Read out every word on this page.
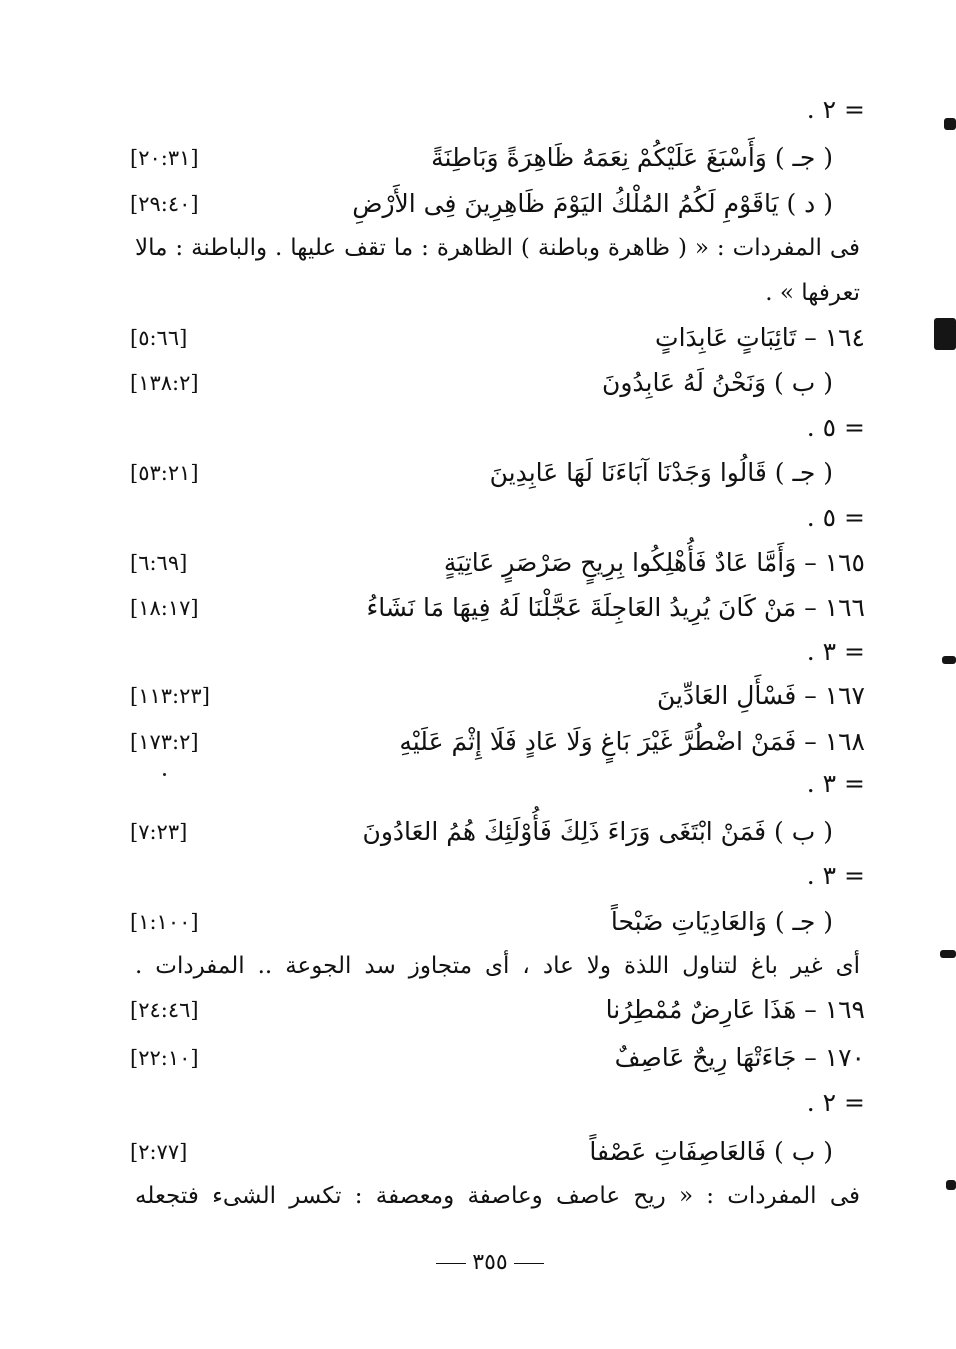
= ٢ .
( جـ ) وَأَسْبَغَ عَلَيْكُمْ نِعَمَهُ ظَاهِرَةً وَبَاطِنَةً
[٢٠:٣١]
( د ) يَاقَوْمِ لَكُمُ المُلْكُ اليَوْمَ ظَاهِرِينَ فِى الأَرْضِ
[٢٩:٤٠]
فى المفردات : « ( ظاهرة وباطنة ) الظاهرة : ما تقف عليها . والباطنة : مالا
تعرفها » .
١٦٤ – تَائِبَاتٍ عَابِدَاتٍ
[٥:٦٦]
( ب ) وَنَحْنُ لَهُ عَابِدُونَ
[١٣٨:٢]
= ٥ .
( جـ ) قَالُوا وَجَدْنَا آبَاءَنَا لَهَا عَابِدِينَ
[٥٣:٢١]
= ٥ .
١٦٥ – وَأَمَّا عَادٌ فَأُهْلِكُوا بِرِيحٍ صَرْصَرٍ عَاتِيَةٍ
[٦:٦٩]
١٦٦ – مَنْ كَانَ يُرِيدُ العَاجِلَةَ عَجَّلْنَا لَهُ فِيهَا مَا نَشَاءُ
[١٨:١٧]
= ٣ .
١٦٧ – فَسْأَلِ العَادِّينَ
[١١٣:٢٣]
١٦٨ – فَمَنْ اضْطُرَّ غَيْرَ بَاغٍ وَلَا عَادٍ فَلَا إِثْمَ عَلَيْهِ
[١٧٣:٢]
= ٣ .
( ب ) فَمَنْ ابْتَغَى وَرَاءَ ذَلِكَ فَأُوْلَئِكَ هُمُ العَادُونَ
[٧:٢٣]
= ٣ .
( جـ ) وَالعَادِيَاتِ ضَبْحاً
[١:١٠٠]
أى غير باغ لتناول اللذة ولا عاد ، أى متجاوز سد الجوعة .. المفردات .
١٦٩ – هَذَا عَارِضٌ مُمْطِرُنا
[٢٤:٤٦]
١٧٠ – جَاءَتْهَا رِيحٌ عَاصِفٌ
[٢٢:١٠]
= ٢ .
( ب ) فَالعَاصِفَاتِ عَصْفاً
[٢:٧٧]
فى المفردات : « ريح عاصف وعاصفة ومعصفة : تكسر الشىء فتجعله
٣٥٥
